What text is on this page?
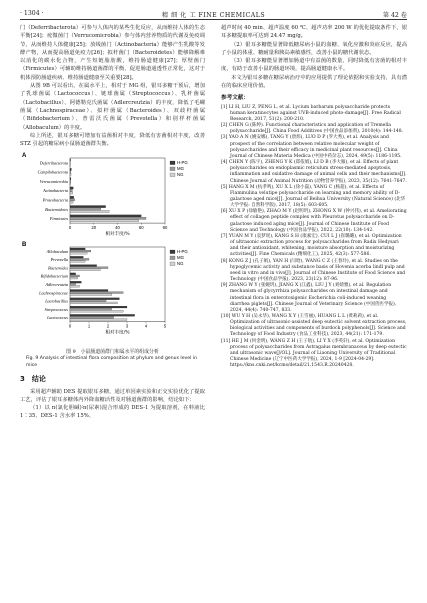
· 1304 ·	精 细 化 工 FINE CHEMICALS	第 42 卷

门（Deferribacterota）可参与人体内的某些生化反应，从而维持人体的生态平衡[24]；疣微菌门（Verrucomicrobia）参与体内营养物质的代谢及免疫调节，从而维持人体健康[25]；放线菌门（Actinobacteria）能够产生乳酸等发酵产物，从而提高肠道免疫力[26]；拟杆菌门（Bacteroidetes）能够降解难以消化的碳水化合物，产生短链脂肪酸，维持肠道健康[27]；厚壁菌门（Firmicutes）可辅助维持肠道菌群的平衡，促进肠道通透性正常化，这对于机体预防肠道疾病、维持肠道健康至关重要[28]。

从图 9B 可以看出，在属水平上，相对于 MG 组，银耳多糖干预后，增加了乳球菌属（Lactococcus）、链球菌属（Streptococcus）、乳杆菌属（Lactobacillus）、阿德勒克氏菌属（Adlercreutzia）的丰度，降低了毛螺菌属（Lachnospiraceae）、拟杆菌属（Bacteroides）、双歧杆菌属（Bifidobacterium）、普雷沃氏菌属（Prevotella）和别样杆菌属（Allobaculum）的丰度。

综上所述，银耳多糖可增加有益菌相对丰度，降低有害菌相对丰度，改善 STZ 引起的糖尿病小鼠肠道菌群失衡。

A
Deferribacterota
Campilobacterota
Verrucomicrobia
Actinobacteria
Proteobacteria
Bacteroidetes
Firmicutes
0	20	40	60	80
相对丰度/%
H-PG
MG
NG
B
Allobaculum
Prevotella
Bacteroides
Bifidobacterium
Adlercreutzia
Lachnospiraceae
Lactobacillus
Streptococcus
Lactococcus
0	1	2	3	4	5
相对丰度/%
H-PG
MG
NG
图 9　小鼠肠道菌群门和属水平的组成分析
Fig. 9 Analysis of intestinal flora composition at phylum and genus level in mice
3　结论

采用超声辅助 DES 提取银耳多糖，通过单因素实验和正交实验优化了提取工艺，评估了银耳多糖体内外降血糖活性及对肠道菌群的影响，结论如下：

（1）以 n(氯化胆碱)∶n(尿素)混合形成的 DES-1 为提取溶剂，在料液比 1∶35、DES-1 含水率 15%、

超声时间 40 min、超声温度 60 ℃、超声功率 200 W 的优化提取条件下，银耳多糖提取率可达到 24.47 mg/g。

（2）银耳多糖能显著降低糖尿病小鼠的血糖、氧化应激和炎症反应，提高了小鼠的体重、糖耐量和胰岛素敏感性，改善小鼠的糖代谢状态。

（3）银耳多糖能显著增加肠道中有益菌的数量，同时降低有害菌的相对丰度，有助于改善小鼠的肠道环境，提高肠道健康水平。

本文为银耳多糖在糖尿病治疗中的应用提供了理论依据和实验支持，具有潜在的临床应用价值。

参考文献：
[1] LI H, LIU Z, PENG L, et al. Lycium barbarum polysaccharide protects human keratinocytes against UVB-induced photo-damage[J]. Free Radical Research, 2017, 51(2): 200-210.
[2] CHEN G (陈婷). Functional characteristics and application of Tremella polysaccharide[J]. China Food Additives (中国食品添加剂), 2010(4): 144-148.
[3] YAO A N (姚安娜), TANG Y (唐炜), LUO D P (罗大秀), et al. Analysis and prospect of the correlation between relative molecular weight of polysaccharides and their efficacy in medicinal plant resources[J]. China Journal of Chinese Materia Medica (中国中药杂志), 2024, 49(5): 1186-1195.
[4] CHEN Y (陈宇), ZHENG Y K (郑依娟), LI D B (李大雁), et al. Effects of plant polysaccharides on endoplasmic reticulum stress-mediated apoptosis, inflammation and oxidative damage of animal cells and their mechanisms[J]. Chinese Journal of Animal Nutrition (动物营养学报), 2023, 35(12): 7641-7647.
[5] HANG X M (杭孝鸣), XU X L (徐小磊), YANG C (杨超), et al. Effects of Flammulina velutipe polysaccharide on learning and memory ability of D-galactose aged mice[J]. Journal of Beihua University (Natural Science) (北华大学学报: 自然科学版), 2017, 18(5): 603-605.
[6] XU X P (徐敏艳), ZHAO M Y (赵明玥), ZHONG X W (钟兴伟), et al. Ameliorating effect of collagen peptide complex with Pleurotus polysaccharide on D-galactose induced aging mice[J]. Journal of Chinese Institute of Food Science and Technology (中国食品学报), 2022, 22(10): 134-142.
[7] YUAN M Y (袁梦瑶), KANG S H (康素宏), CUI L J (崔璐璐), et al. Optimization of ultrasonic extraction process for polysaccharides from Radix Hedysari and their antioxidant, whitening, moisture absorption and moisturizing activities[J]. Fine Chemicals (精细化工), 2025, 42(3): 577-586.
[8] KONG Z J (孔子娟), YAN H (闫晗), WANG C Z (王春玲), et al. Studies on the hypoglycemic activity and substance basis of Hovenia acerba lindl pulp and seed in vitro and in vivo[J]. Journal of Chinese Institute of Food Science and Technology (中国食品学报), 2023, 23(12): 87-96.
[9] ZHANG W Y (张婉玥), JIANG X (江鑫), LIU J Y (刘婧雅), et al. Regulation mechanism of glycyrrhiza polysaccharides on intestinal damage and intestinal flora in enterotoxigenic Escherichia coli-induced weaning diarrhea piglets[J]. Chinese Journal of Veterinary Science (中国兽医学报), 2024, 44(4): 740-747, 833.
[10] WU Y H (吴永华), WANG X Y (王雪丽), HUANG L L (黄莉莉), et al. Optimization of ultrasonic-assisted deep eutectic solvent extraction process, biological activities and components of burdock polyphenols[J]. Science and Technology of Food Industry (食品工业科技), 2023, 44(21): 171-179.
[11] HE J M (何金明), WANG Z H (王子航), LI Y X (李英轩), et al. Optimization process of polysaccharides from Astragalus membranaceus by deep eutectic and ultrasonic wave[J/OL]. Journal of Liaoning University of Traditional Chinese Medicine (辽宁中医药大学学报), 2024, 1-9 [2024-04-29]. https://kns.cnki.net/kcms/detail/21.1543.R.20240428.
